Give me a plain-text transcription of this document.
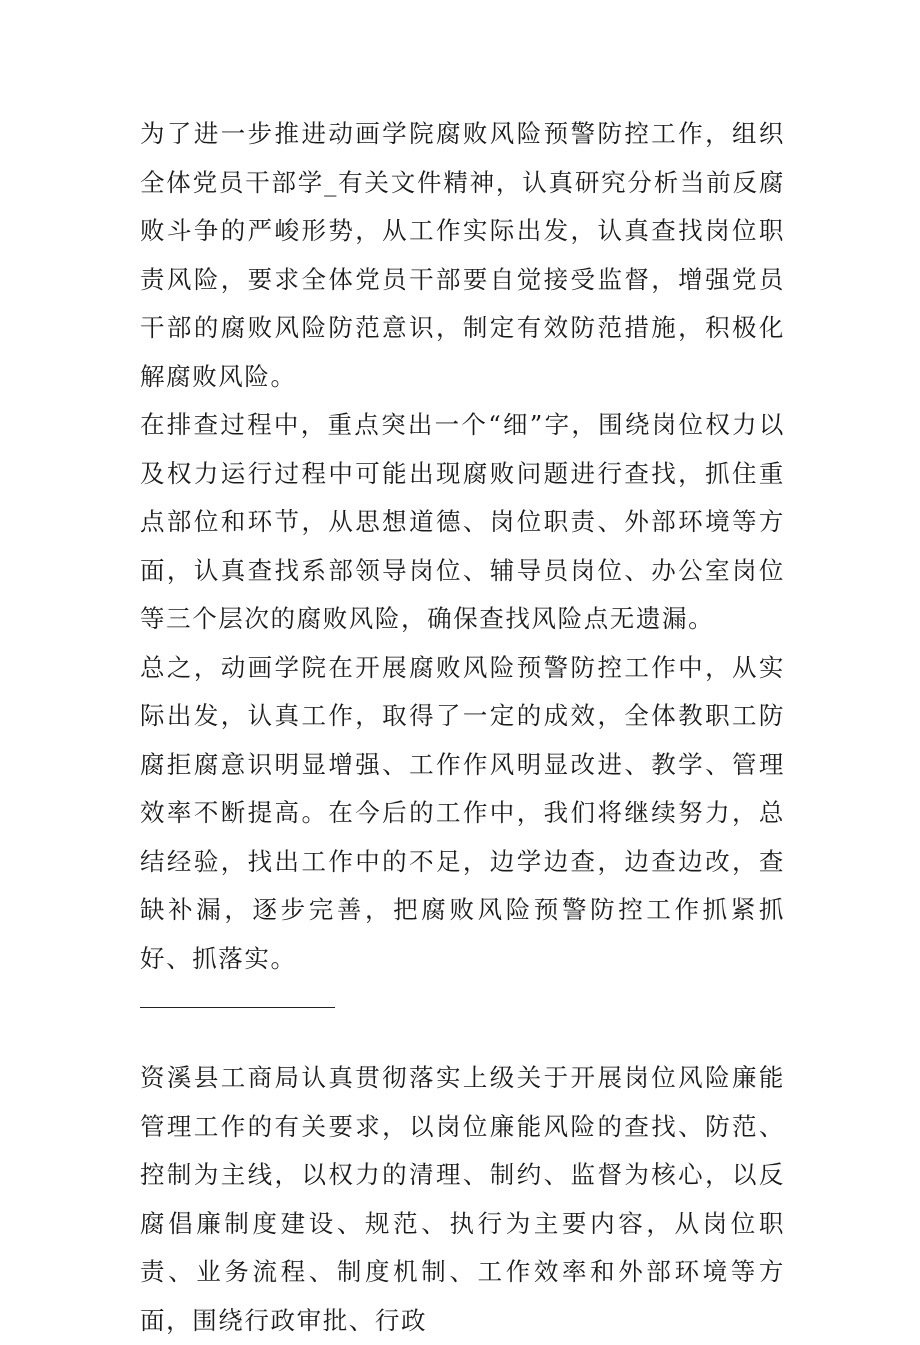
为了进一步推进动画学院腐败风险预警防控工作，组织全体党员干部学_有关文件精神，认真研究分析当前反腐败斗争的严峻形势，从工作实际出发，认真查找岗位职责风险，要求全体党员干部要自觉接受监督，增强党员干部的腐败风险防范意识，制定有效防范措施，积极化解腐败风险。

在排查过程中，重点突出一个“细”字，围绕岗位权力以及权力运行过程中可能出现腐败问题进行查找，抓住重点部位和环节，从思想道德、岗位职责、外部环境等方面，认真查找系部领导岗位、辅导员岗位、办公室岗位等三个层次的腐败风险，确保查找风险点无遗漏。

总之，动画学院在开展腐败风险预警防控工作中，从实际出发，认真工作，取得了一定的成效，全体教职工防腐拒腐意识明显增强、工作作风明显改进、教学、管理效率不断提高。在今后的工作中，我们将继续努力，总结经验，找出工作中的不足，边学边查，边查边改，查缺补漏，逐步完善，把腐败风险预警防控工作抓紧抓好、抓落实。

资溪县工商局认真贯彻落实上级关于开展岗位风险廉能管理工作的有关要求，以岗位廉能风险的查找、防范、控制为主线，以权力的清理、制约、监督为核心，以反腐倡廉制度建设、规范、执行为主要内容，从岗位职责、业务流程、制度机制、工作效率和外部环境等方面，围绕行政审批、行政
